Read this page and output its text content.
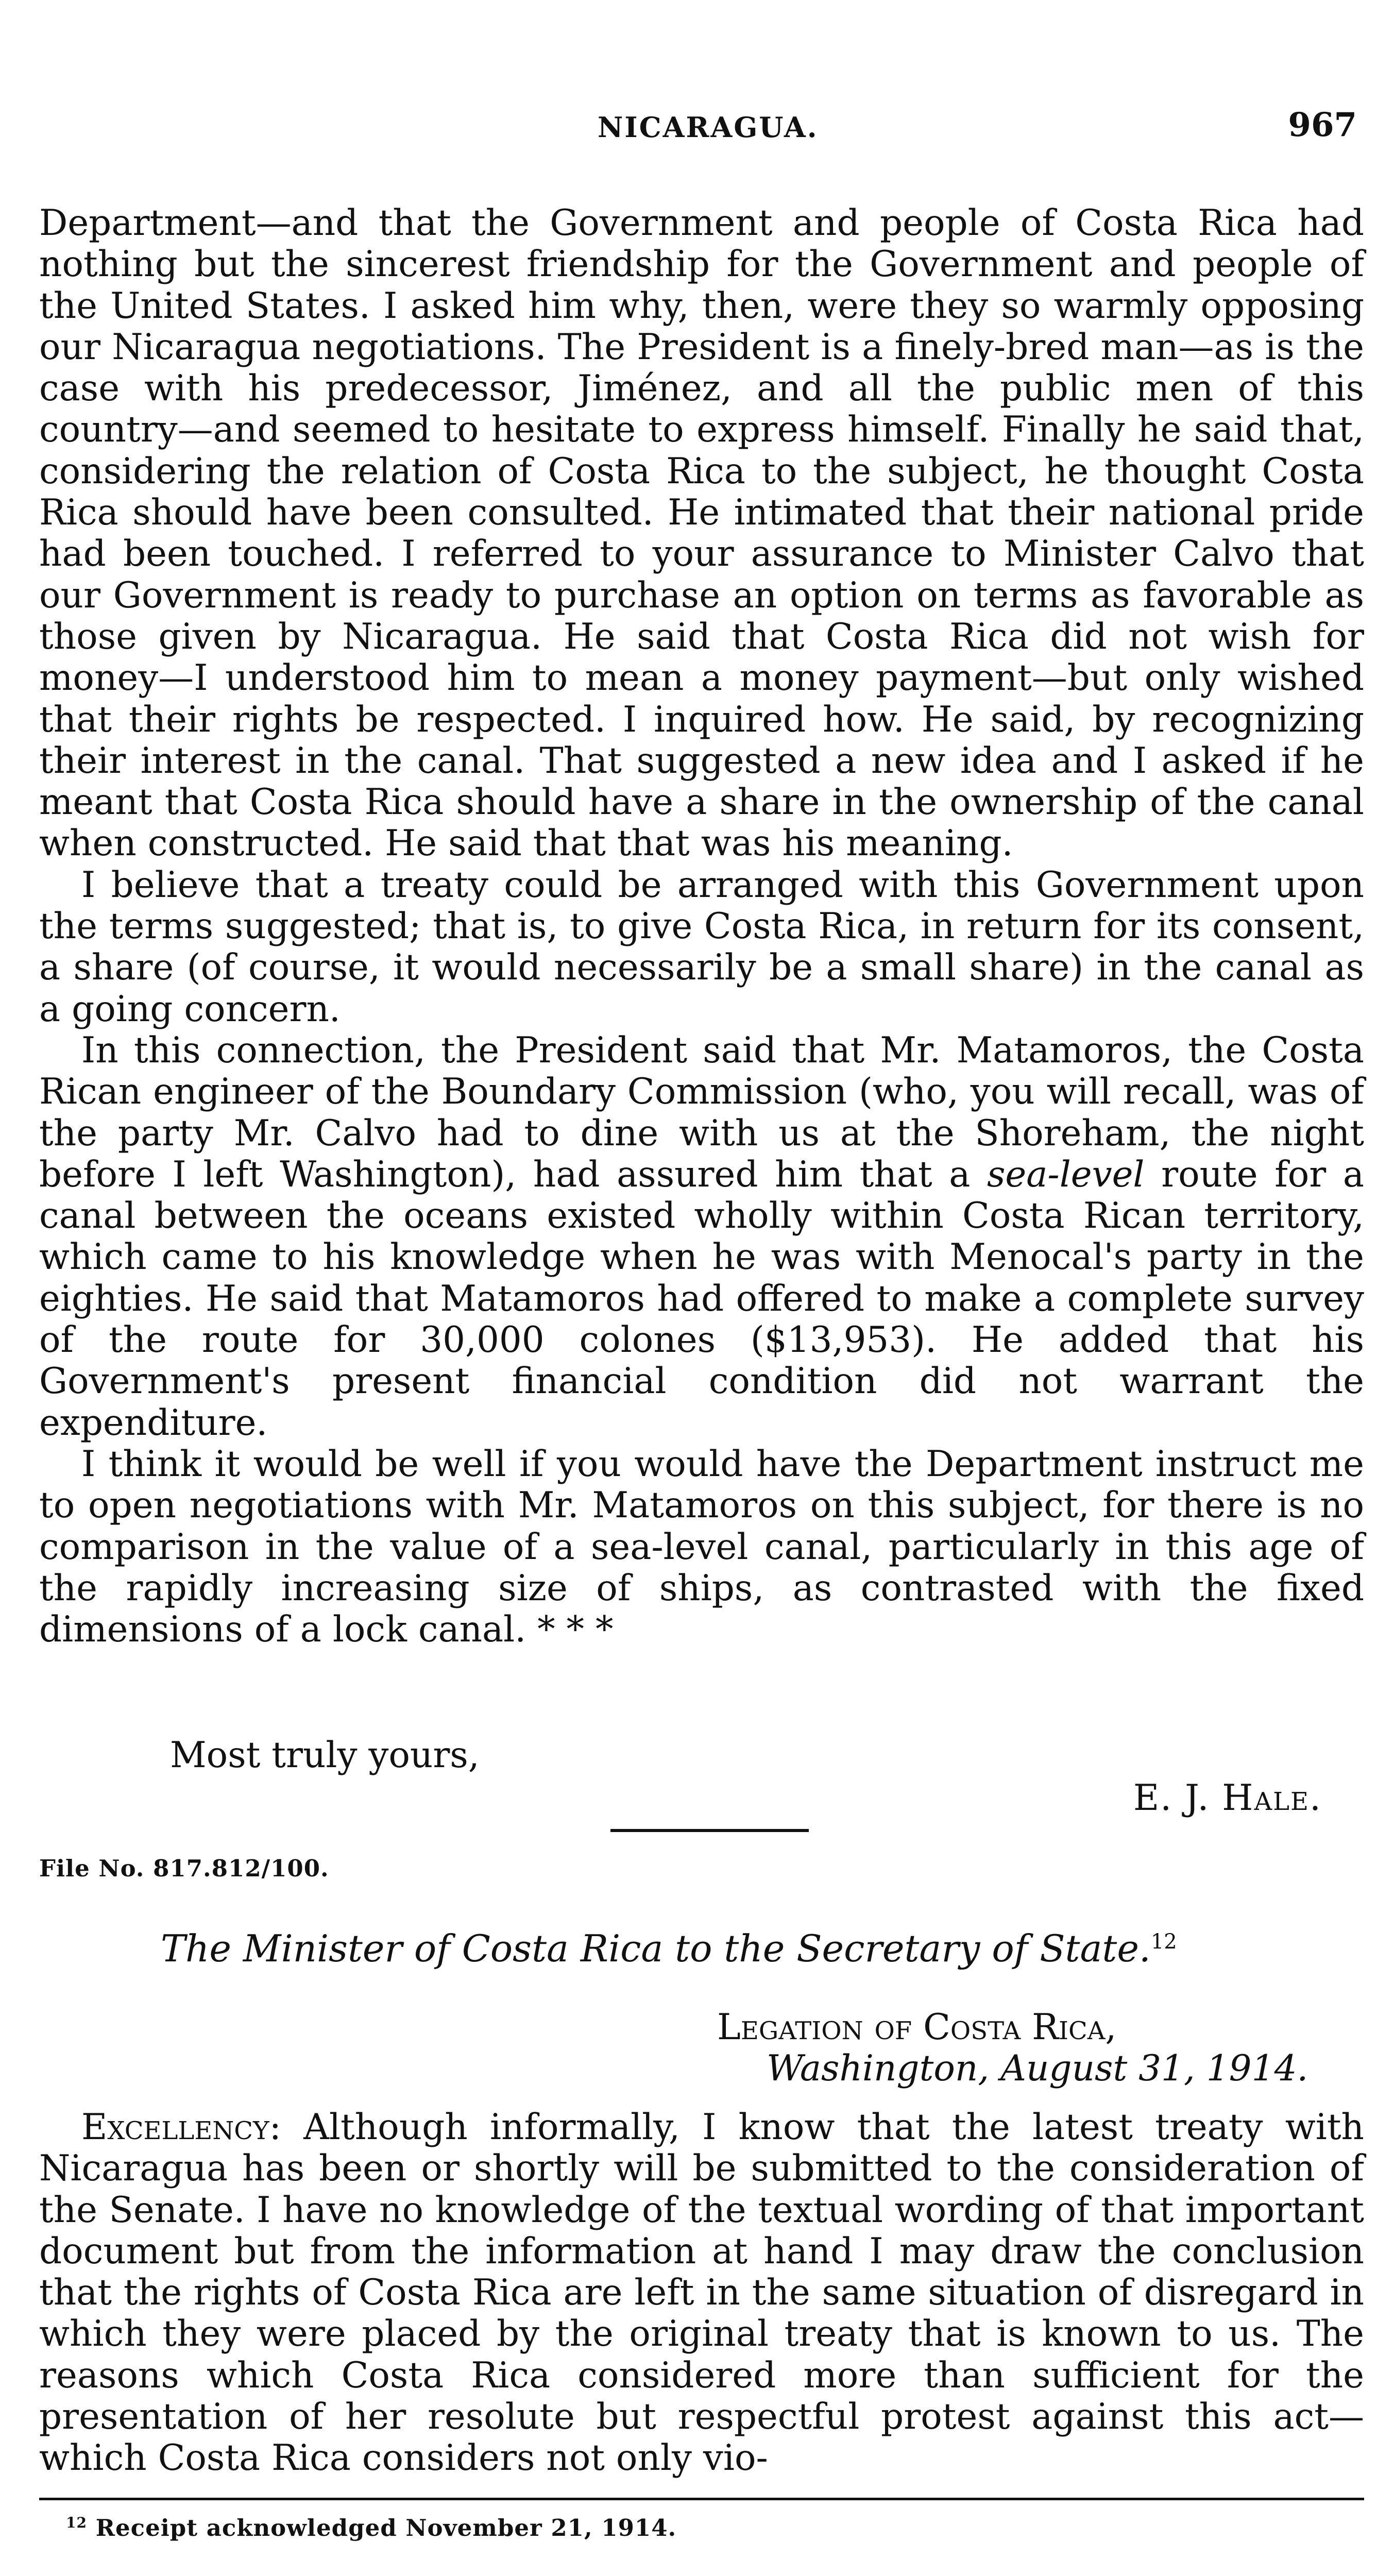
NICARAGUA.	967

Department—and that the Government and people of Costa Rica had nothing but the sincerest friendship for the Government and people of the United States. I asked him why, then, were they so warmly opposing our Nicaragua negotiations. The President is a finely-bred man—as is the case with his predecessor, Jiménez, and all the public men of this country—and seemed to hesitate to express himself. Finally he said that, considering the relation of Costa Rica to the subject, he thought Costa Rica should have been consulted. He intimated that their national pride had been touched. I referred to your assurance to Minister Calvo that our Government is ready to purchase an option on terms as favorable as those given by Nicaragua. He said that Costa Rica did not wish for money—I understood him to mean a money payment—but only wished that their rights be respected. I inquired how. He said, by recognizing their interest in the canal. That suggested a new idea and I asked if he meant that Costa Rica should have a share in the ownership of the canal when constructed. He said that that was his meaning.

I believe that a treaty could be arranged with this Government upon the terms suggested; that is, to give Costa Rica, in return for its consent, a share (of course, it would necessarily be a small share) in the canal as a going concern.

In this connection, the President said that Mr. Matamoros, the Costa Rican engineer of the Boundary Commission (who, you will recall, was of the party Mr. Calvo had to dine with us at the Shoreham, the night before I left Washington), had assured him that a sea-level route for a canal between the oceans existed wholly within Costa Rican territory, which came to his knowledge when he was with Menocal's party in the eighties. He said that Matamoros had offered to make a complete survey of the route for 30,000 colones ($13,953). He added that his Government's present financial condition did not warrant the expenditure.

I think it would be well if you would have the Department instruct me to open negotiations with Mr. Matamoros on this subject, for there is no comparison in the value of a sea-level canal, particularly in this age of the rapidly increasing size of ships, as contrasted with the fixed dimensions of a lock canal. * * *

Most truly yours,
E. J. Hale.
File No. 817.812/100.
The Minister of Costa Rica to the Secretary of State.$^{12}$
Legation of Costa Rica,
Washington, August 31, 1914.

Excellency: Although informally, I know that the latest treaty with Nicaragua has been or shortly will be submitted to the consideration of the Senate. I have no knowledge of the textual wording of that important document but from the information at hand I may draw the conclusion that the rights of Costa Rica are left in the same situation of disregard in which they were placed by the original treaty that is known to us. The reasons which Costa Rica considered more than sufficient for the presentation of her resolute but respectful protest against this act—which Costa Rica considers not only vio-

$^{12}$ Receipt acknowledged November 21, 1914.
